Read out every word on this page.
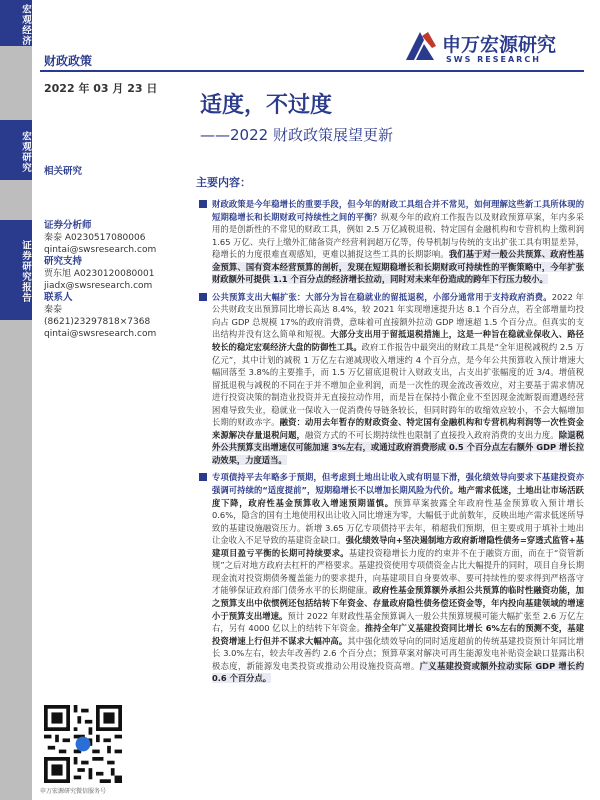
宏观经济
宏观研究
证券研究报告
申万宏源研究
SWS RESEARCH
财政政策
2022 年 03 月 23 日
适度，不过度
——2022 财政政策展望更新
相关研究
证券分析师
秦泰 A0230517080006
qintai@swsresearch.com
研究支持
贾东旭 A0230120080001
jiadx@swsresearch.com
联系人
秦泰
(8621)23297818×7368
qintai@swsresearch.com
申万宏源研究微信服务号
主要内容：
财政政策是今年稳增长的重要手段，但今年的财政工具组合并不常见，如何理解这些新工具所体现的短期稳增长和长期财政可持续性之间的平衡？纵观今年的政府工作报告以及财政预算草案，年内多采用的是创新性的不常见的财政工具，例如 2.5 万亿减税退税、特定国有金融机构和专营机构上缴利润 1.65 万亿、央行上缴外汇储备资产经营利润超万亿等，传导机制与传统的支出扩张工具有明显差异，稳增长的力度很难直观感知，更难以捕捉这些工具的长期影响。我们基于对一般公共预算、政府性基金预算、国有资本经营预算的剖析，发现在短期稳增长和长期财政可持续性的平衡策略中，今年扩张财政额外可提供 1.1 个百分点的经济增长拉动，同时对未来年份造成的跨年下行压力较小。
公共预算支出大幅扩张：大部分为旨在稳就业的留抵退税，小部分通常用于支持政府消费。2022 年公共财政支出预算同比增长高达 8.4%，较 2021 年实现增速提升达 8.1 个百分点，若全部增量均投向占 GDP 总规模 17%的政府消费，意味着可直接额外拉动 GDP 增速超 1.5 个百分点。但真实的支出结构并没有这么简单和短视。大部分支出用于留抵退税措施上，这是一种旨在稳就业保收入、路径较长的稳定宏观经济大盘的防御性工具。政府工作报告中最突出的财政工具是“全年退税减税约 2.5 万亿元”，其中计划的减税 1 万亿左右递减现收入增速约 4 个百分点，是今年公共预算收入预计增速大幅回落至 3.8%的主要推手，而 1.5 万亿留底退税计入财政支出，占支出扩张幅度的近 3/4。增值税留抵退税与减税的不同在于并不增加企业利润，而是一次性的现金流改善效应，对主要基于需求情况进行投资决策的制造业投资并无直接拉动作用，而是旨在保持小微企业不至因现金流断裂而遭遇经营困难导致失业，稳就业一保收入一促消费传导链条较长，但同时跨年的收缩效应较小，不会大幅增加长期的财政赤字。融资：动用去年暂存的财政资金、特定国有金融机构和专营机构利润等一次性资金来源解决存量退税问题，融资方式的不可长期持续性也限制了直接投入政府消费的支出力度。除退税外公共预算支出增速仅可能加速 3%左右，或通过政府消费形成 0.5 个百分点左右额外 GDP 增长拉动效果，力度适当。
专项债持平去年略多于预期，但考虑到土地出让收入或有明显下滑，强化绩效导向要求下基建投资亦强调可持续的“适度提前”，短期稳增长不以增加长期风险为代价。地产需求低迷，土地出让市场活跃度下降，政府性基金预算收入增速预期谨慎。预算草案披露全年政府性基金预算收入预计增长 0.6%，隐含的国有土地使用权出让收入同比增速为零，大幅低于此前数年，反映出地产需求低迷所导致的基建设施融资压力。新增 3.65 万亿专项债持平去年，稍超我们预期，但主要或用于填补土地出让金收入不足导致的基建资金缺口。强化绩效导向+坚决遏制地方政府新增隐性债务=穿透式监管+基建项目盈亏平衡的长期可持续要求。基建投资稳增长力度的约束并不在于融资方面，而在于“资管新规”之后对地方政府去杠杆的严格要求。基建投资使用专项债资金占比大幅提升的同时，项目自身长期现金流对投资期债务覆盖能力的要求提升，向基建项目自身要效率、要可持续性的要求得到严格落守才能够保证政府部门债务水平的长期健康。政府性基金预算额外承担公共预算的临时性融资功能，加之预算支出中依惯例还包括结转下年资金、存量政府隐性债务偿还资金等，年内投向基建领域的增速小于预算支出增速。预计 2022 年财政性基金预算调入一般公共预算规模可能大幅扩张至 2.6 万亿左右，另有 4000 亿以上的结转下年资金。推持全年广义基建投资同比增长 6%左右的预测不变，基建投资增速上行但并不谋求大幅冲高。其中强化绩效导向的同时适度超前的传统基建投资预计年同比增长 3.0%左右，较去年改善约 2.6 个百分点；预算草案对解决可再生能源发电补贴资金缺口显露出积极态度，新能源发电类投资或推动公用设施投资高增。广义基建投资或额外拉动实际 GDP 增长约 0.6 个百分点。
